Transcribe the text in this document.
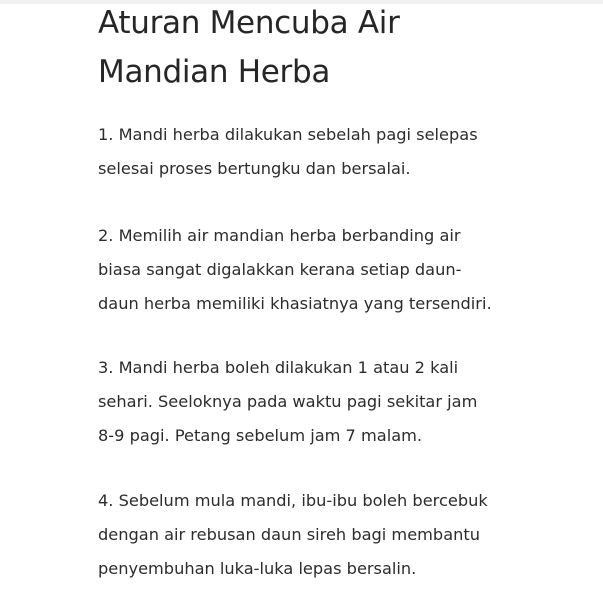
Aturan Mencuba Air
Mandian Herba

1. Mandi herba dilakukan sebelah pagi selepas
selesai proses bertungku dan bersalai.

2. Memilih air mandian herba berbanding air
biasa sangat digalakkan kerana setiap daun-
daun herba memiliki khasiatnya yang tersendiri.

3. Mandi herba boleh dilakukan 1 atau 2 kali
sehari. Seeloknya pada waktu pagi sekitar jam
8-9 pagi. Petang sebelum jam 7 malam.

4. Sebelum mula mandi, ibu-ibu boleh bercebuk
dengan air rebusan daun sireh bagi membantu
penyembuhan luka-luka lepas bersalin.
